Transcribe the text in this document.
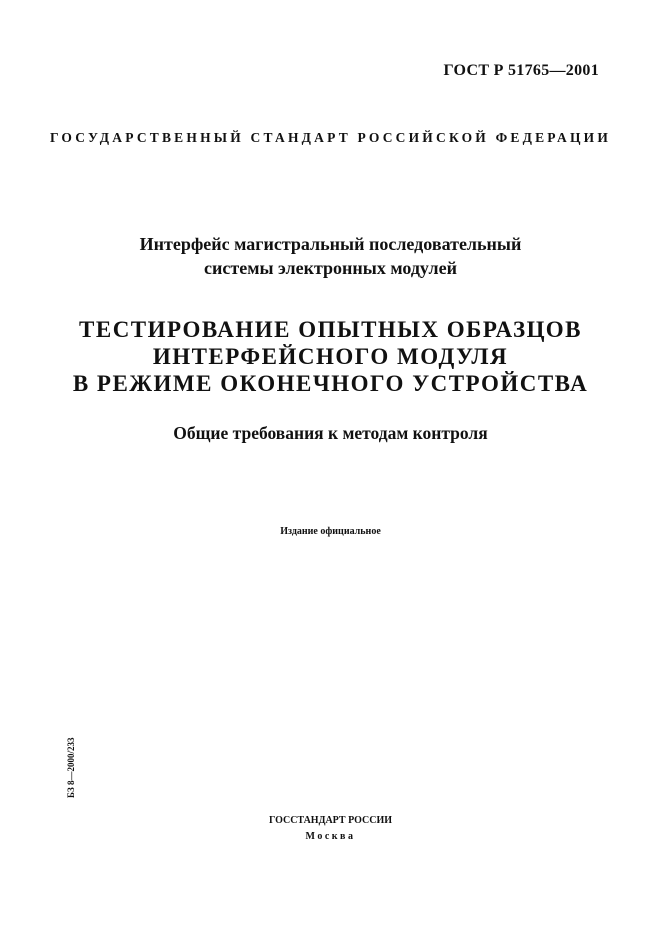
ГОСТ Р 51765—2001
ГОСУДАРСТВЕННЫЙ СТАНДАРТ РОССИЙСКОЙ ФЕДЕРАЦИИ
Интерфейс магистральный последовательный
системы электронных модулей
ТЕСТИРОВАНИЕ ОПЫТНЫХ ОБРАЗЦОВ
ИНТЕРФЕЙСНОГО МОДУЛЯ
В РЕЖИМЕ ОКОНЕЧНОГО УСТРОЙСТВА
Общие требования к методам контроля
Издание официальное
БЗ 8—2000/233
ГОССТАНДАРТ РОССИИ
Москва
